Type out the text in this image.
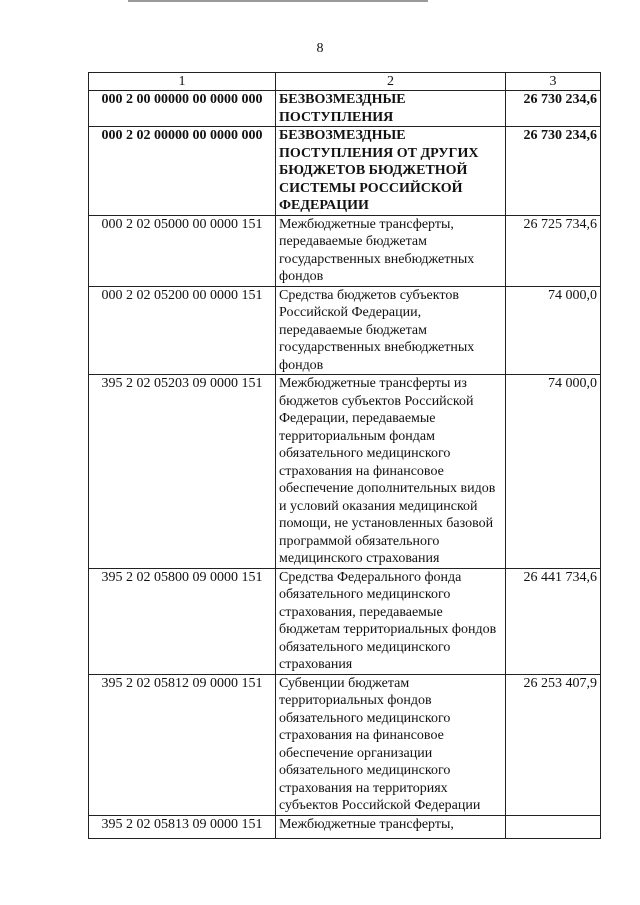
8
1	2	3
000 2 00 00000 00 0000 000	БЕЗВОЗМЕЗДНЫЕ ПОСТУПЛЕНИЯ	26 730 234,6
000 2 02 00000 00 0000 000	БЕЗВОЗМЕЗДНЫЕ ПОСТУПЛЕНИЯ ОТ ДРУГИХ БЮДЖЕТОВ БЮДЖЕТНОЙ СИСТЕМЫ РОССИЙСКОЙ ФЕДЕРАЦИИ	26 730 234,6
000 2 02 05000 00 0000 151	Межбюджетные трансферты, передаваемые бюджетам государственных внебюджетных фондов	26 725 734,6
000 2 02 05200 00 0000 151	Средства бюджетов субъектов Российской Федерации, передаваемые бюджетам государственных внебюджетных фондов	74 000,0
395 2 02 05203 09 0000 151	Межбюджетные трансферты из бюджетов субъектов Российской Федерации, передаваемые территориальным фондам обязательного медицинского страхования на финансовое обеспечение дополнительных видов и условий оказания медицинской помощи, не установленных базовой программой обязательного медицинского страхования	74 000,0
395 2 02 05800 09 0000 151	Средства Федерального фонда обязательного медицинского страхования, передаваемые бюджетам территориальных фондов обязательного медицинского страхования	26 441 734,6
395 2 02 05812 09 0000 151	Субвенции бюджетам территориальных фондов обязательного медицинского страхования на финансовое обеспечение организации обязательного медицинского страхования на территориях субъектов Российской Федерации	26 253 407,9
395 2 02 05813 09 0000 151	Межбюджетные трансферты,	
